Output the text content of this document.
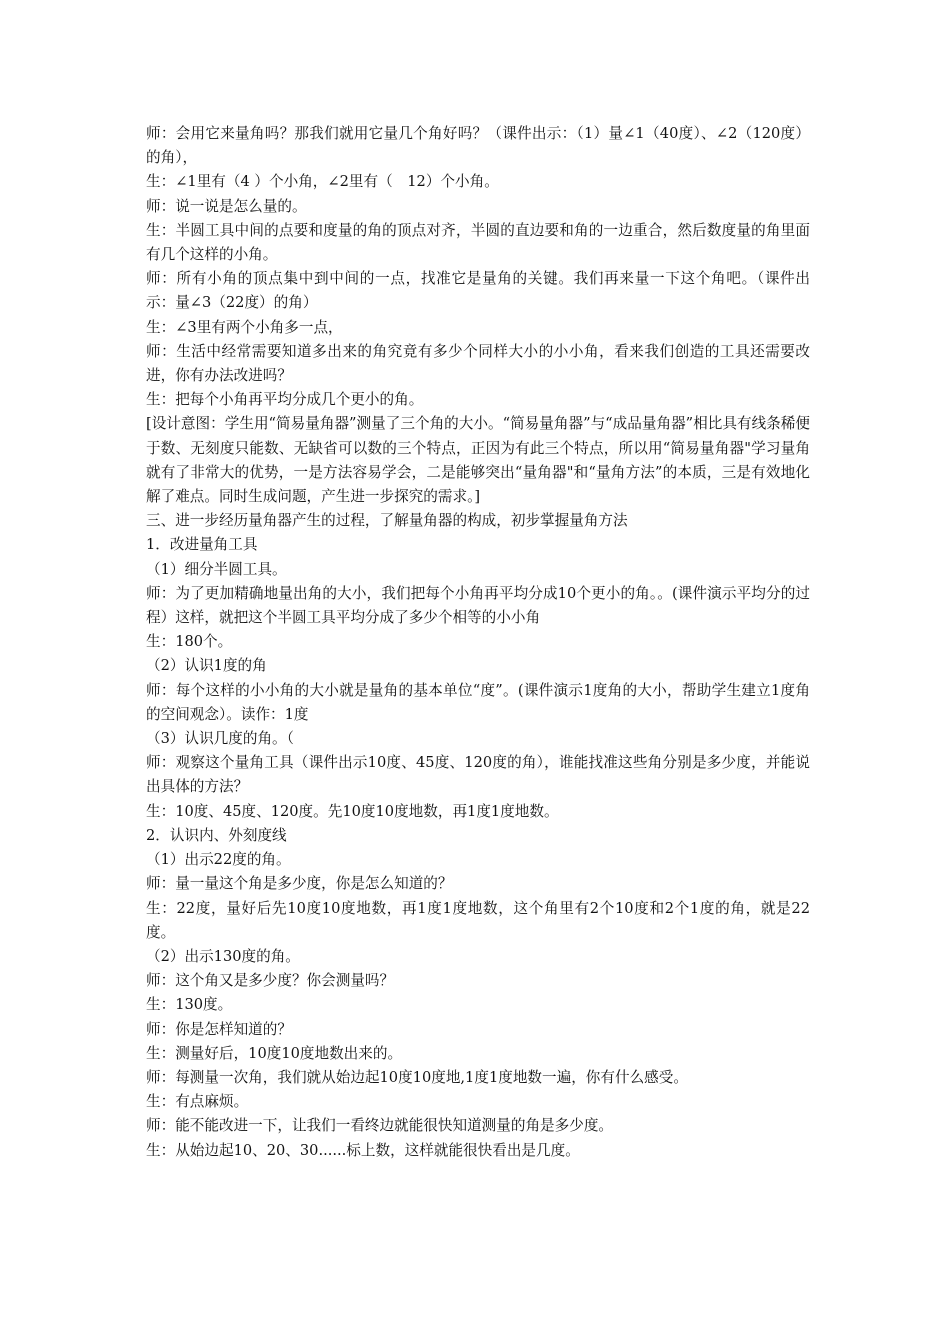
师：会用它来量角吗？那我们就用它量几个角好吗？（课件出示：（1）量∠1（40度）、∠2（120度）的角），

生：∠1里有（4 ）个小角，∠2里有（　12）个小角。

师：说一说是怎么量的。

生：半圆工具中间的点要和度量的角的顶点对齐，半圆的直边要和角的一边重合，然后数度量的角里面有几个这样的小角。

师：所有小角的顶点集中到中间的一点，找准它是量角的关键。我们再来量一下这个角吧。（课件出示：量∠3（22度）的角）

生：∠3里有两个小角多一点，

师：生活中经常需要知道多出来的角究竟有多少个同样大小的小小角，看来我们创造的工具还需要改进，你有办法改进吗？

生：把每个小角再平均分成几个更小的角。

[设计意图：学生用“简易量角器”测量了三个角的大小。“简易量角器”与“成品量角器”相比具有线条稀便于数、无刻度只能数、无缺省可以数的三个特点，正因为有此三个特点，所以用“简易量角器"学习量角就有了非常大的优势，一是方法容易学会，二是能够突出“量角器"和“量角方法”的本质，三是有效地化解了难点。同时生成问题，产生进一步探究的需求。]

三、进一步经历量角器产生的过程，了解量角器的构成，初步掌握量角方法

1．改进量角工具

（1）细分半圆工具。

师：为了更加精确地量出角的大小，我们把每个小角再平均分成10个更小的角。。(课件演示平均分的过程）这样，就把这个半圆工具平均分成了多少个相等的小小角

生：180个。

（2）认识1度的角

师：每个这样的小小角的大小就是量角的基本单位“度”。(课件演示1度角的大小，帮助学生建立1度角的空间观念）。读作：1度

（3）认识几度的角。（

师：观察这个量角工具（课件出示10度、45度、120度的角），谁能找准这些角分别是多少度，并能说出具体的方法？

生：10度、45度、120度。先10度10度地数，再1度1度地数。

2．认识内、外刻度线

（1）出示22度的角。

师：量一量这个角是多少度，你是怎么知道的？

生：22度，量好后先10度10度地数，再1度1度地数，这个角里有2个10度和2个1度的角，就是22度。

（2）出示130度的角。

师：这个角又是多少度？你会测量吗？

生：130度。

师：你是怎样知道的？

生：测量好后，10度10度地数出来的。

师：每测量一次角，我们就从始边起10度10度地,1度1度地数一遍，你有什么感受。

生：有点麻烦。

师：能不能改进一下，让我们一看终边就能很快知道测量的角是多少度。

生：从始边起10、20、30......标上数，这样就能很快看出是几度。
